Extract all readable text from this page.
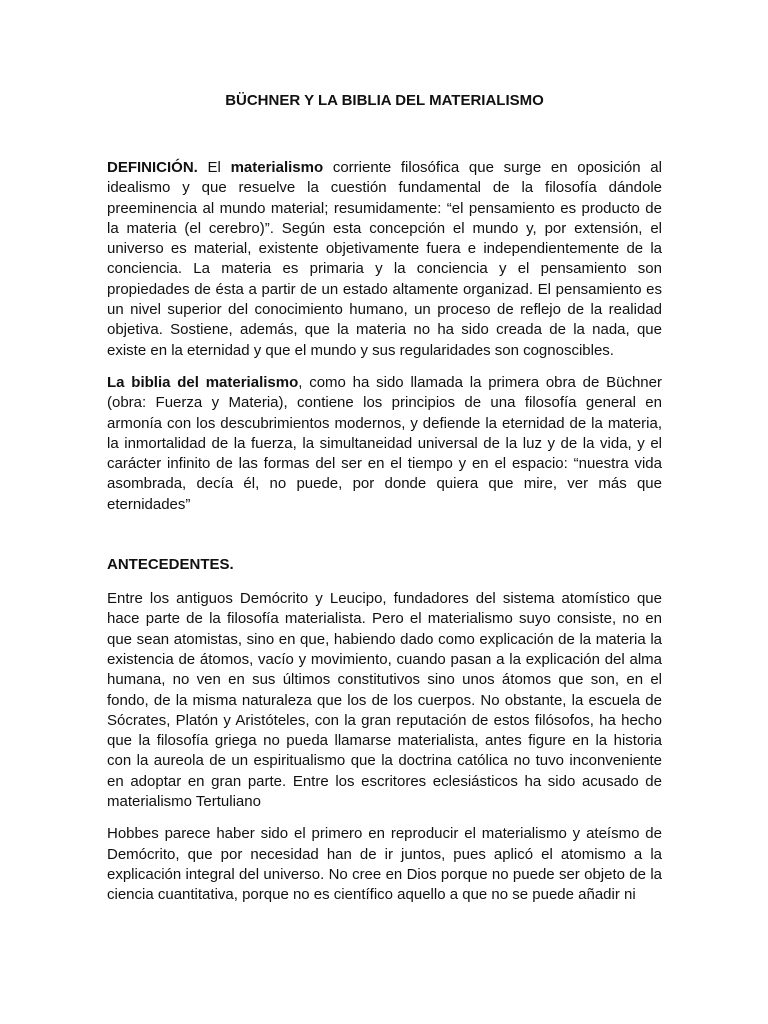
BÜCHNER Y LA BIBLIA DEL MATERIALISMO

DEFINICIÓN. El materialismo corriente filosófica que surge en oposición al idealismo y que resuelve la cuestión fundamental de la filosofía dándole preeminencia al mundo material; resumidamente: “el pensamiento es producto de la materia (el cerebro)”. Según esta concepción el mundo y, por extensión, el universo es material, existente objetivamente fuera e independientemente de la conciencia. La materia es primaria y la conciencia y el pensamiento son propiedades de ésta a partir de un estado altamente organizad. El pensamiento es un nivel superior del conocimiento humano, un proceso de reflejo de la realidad objetiva. Sostiene, además, que la materia no ha sido creada de la nada, que existe en la eternidad y que el mundo y sus regularidades son cognoscibles.

La biblia del materialismo, como ha sido llamada la primera obra de Büchner (obra: Fuerza y Materia), contiene los principios de una filosofía general en armonía con los descubrimientos modernos, y defiende la eternidad de la materia, la inmortalidad de la fuerza, la simultaneidad universal de la luz y de la vida, y el carácter infinito de las formas del ser en el tiempo y en el espacio: “nuestra vida asombrada, decía él, no puede, por donde quiera que mire, ver más que eternidades”

ANTECEDENTES.

Entre los antiguos Demócrito y Leucipo, fundadores del sistema atomístico que hace parte de la filosofía materialista. Pero el materialismo suyo consiste, no en que sean atomistas, sino en que, habiendo dado como explicación de la materia la existencia de átomos, vacío y movimiento, cuando pasan a la explicación del alma humana, no ven en sus últimos constitutivos sino unos átomos que son, en el fondo, de la misma naturaleza que los de los cuerpos. No obstante, la escuela de Sócrates, Platón y Aristóteles, con la gran reputación de estos filósofos, ha hecho que la filosofía griega no pueda llamarse materialista, antes figure en la historia con la aureola de un espiritualismo que la doctrina católica no tuvo inconveniente en adoptar en gran parte. Entre los escritores eclesiásticos ha sido acusado de materialismo Tertuliano

Hobbes parece haber sido el primero en reproducir el materialismo y ateísmo de Demócrito, que por necesidad han de ir juntos, pues aplicó el atomismo a la explicación integral del universo. No cree en Dios porque no puede ser objeto de la ciencia cuantitativa, porque no es científico aquello a que no se puede añadir ni
